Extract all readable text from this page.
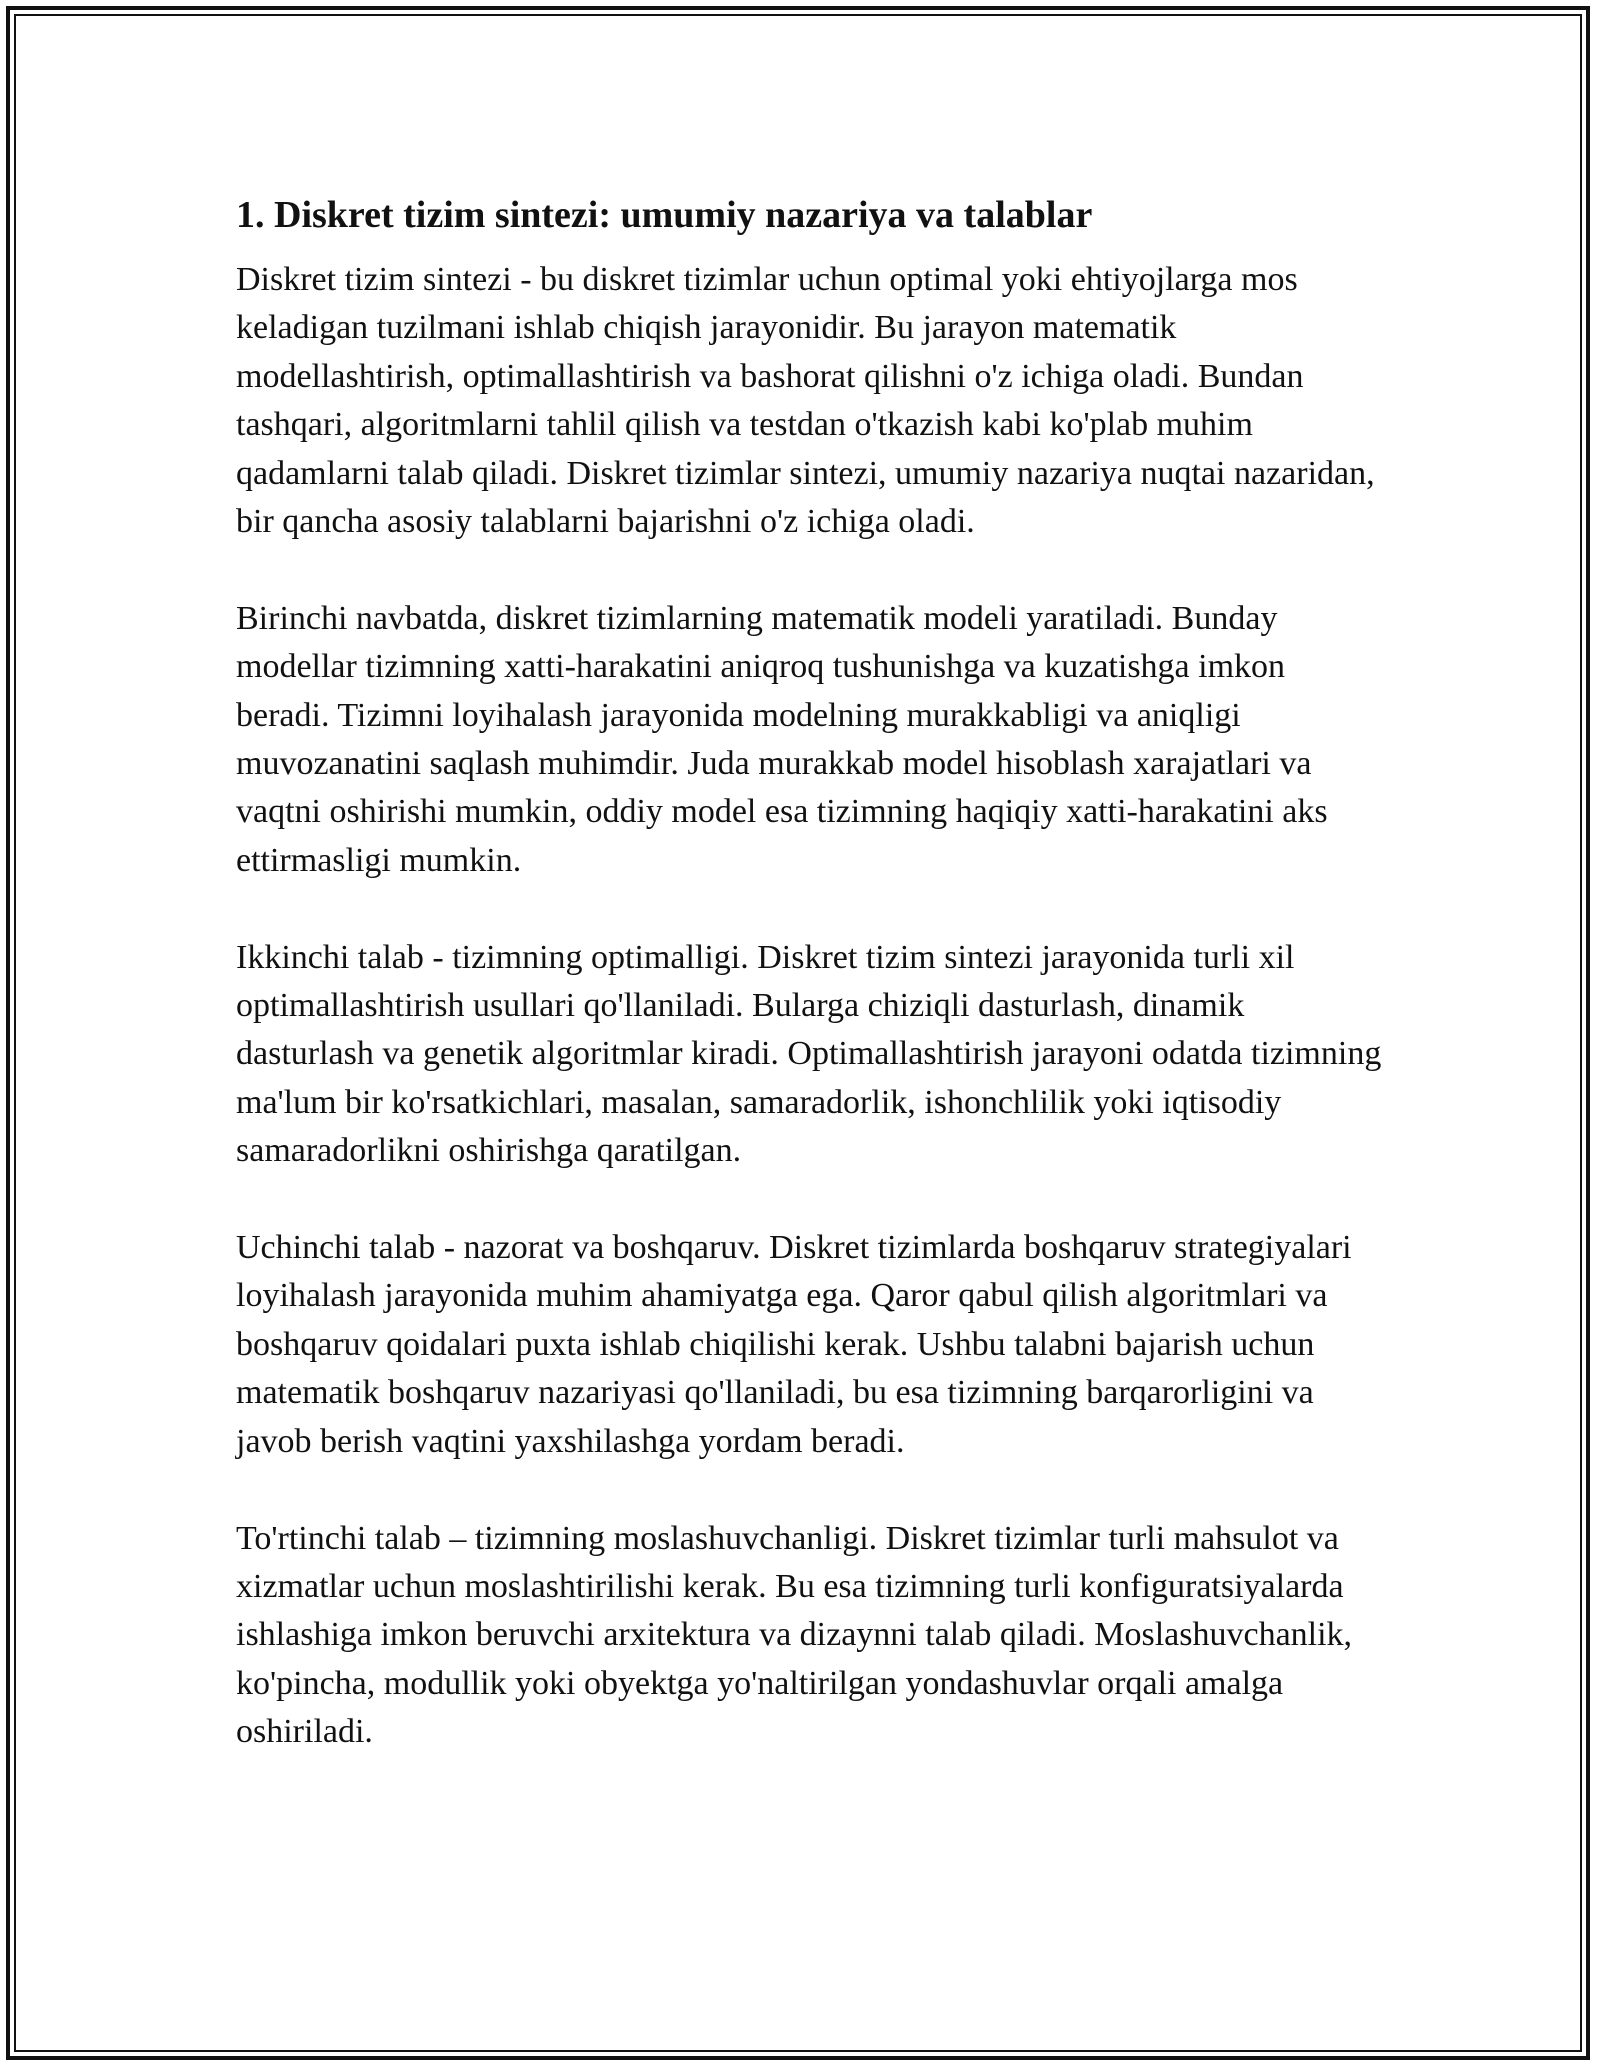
1. Diskret tizim sintezi: umumiy nazariya va talablar

Diskret tizim sintezi - bu diskret tizimlar uchun optimal yoki ehtiyojlarga mos keladigan tuzilmani ishlab chiqish jarayonidir. Bu jarayon matematik modellashtirish, optimallashtirish va bashorat qilishni o'z ichiga oladi. Bundan tashqari, algoritmlarni tahlil qilish va testdan o'tkazish kabi ko'plab muhim qadamlarni talab qiladi. Diskret tizimlar sintezi, umumiy nazariya nuqtai nazaridan, bir qancha asosiy talablarni bajarishni o'z ichiga oladi.

Birinchi navbatda, diskret tizimlarning matematik modeli yaratiladi. Bunday modellar tizimning xatti-harakatini aniqroq tushunishga va kuzatishga imkon beradi. Tizimni loyihalash jarayonida modelning murakkabligi va aniqligi muvozanatini saqlash muhimdir. Juda murakkab model hisoblash xarajatlari va vaqtni oshirishi mumkin, oddiy model esa tizimning haqiqiy xatti-harakatini aks ettirmasligi mumkin.

Ikkinchi talab - tizimning optimalligi. Diskret tizim sintezi jarayonida turli xil optimallashtirish usullari qo'llaniladi. Bularga chiziqli dasturlash, dinamik dasturlash va genetik algoritmlar kiradi. Optimallashtirish jarayoni odatda tizimning ma'lum bir ko'rsatkichlari, masalan, samaradorlik, ishonchlilik yoki iqtisodiy samaradorlikni oshirishga qaratilgan.

Uchinchi talab - nazorat va boshqaruv. Diskret tizimlarda boshqaruv strategiyalari loyihalash jarayonida muhim ahamiyatga ega. Qaror qabul qilish algoritmlari va boshqaruv qoidalari puxta ishlab chiqilishi kerak. Ushbu talabni bajarish uchun matematik boshqaruv nazariyasi qo'llaniladi, bu esa tizimning barqarorligini va javob berish vaqtini yaxshilashga yordam beradi.

To'rtinchi talab – tizimning moslashuvchanligi. Diskret tizimlar turli mahsulot va xizmatlar uchun moslashtirilishi kerak. Bu esa tizimning turli konfiguratsiyalarda ishlashiga imkon beruvchi arxitektura va dizaynni talab qiladi. Moslashuvchanlik, ko'pincha, modullik yoki obyektga yo'naltirilgan yondashuvlar orqali amalga oshiriladi.
